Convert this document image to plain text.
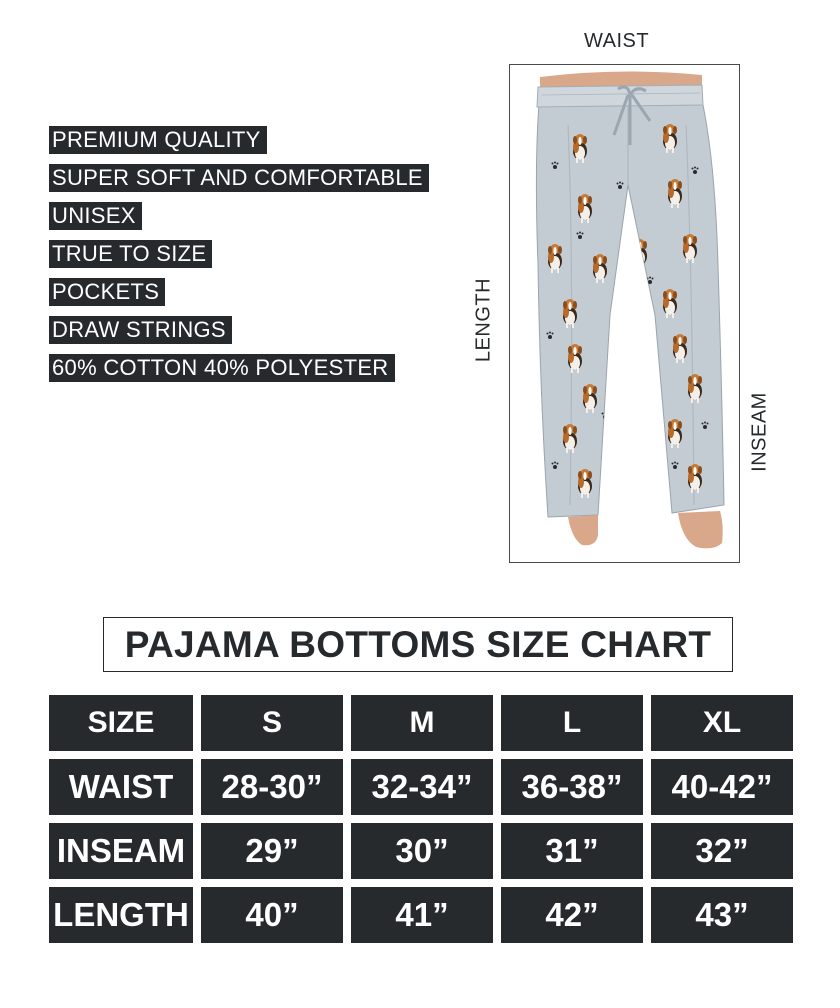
PREMIUM QUALITY
SUPER SOFT AND COMFORTABLE
UNISEX
TRUE TO SIZE
POCKETS
DRAW STRINGS
60% COTTON 40% POLYESTER
WAIST
LENGTH
INSEAM
PAJAMA BOTTOMS SIZE CHART
SIZE	S	M	L	XL
WAIST	28-30”	32-34”	36-38”	40-42”
INSEAM	29”	30”	31”	32”
LENGTH	40”	41”	42”	43”
